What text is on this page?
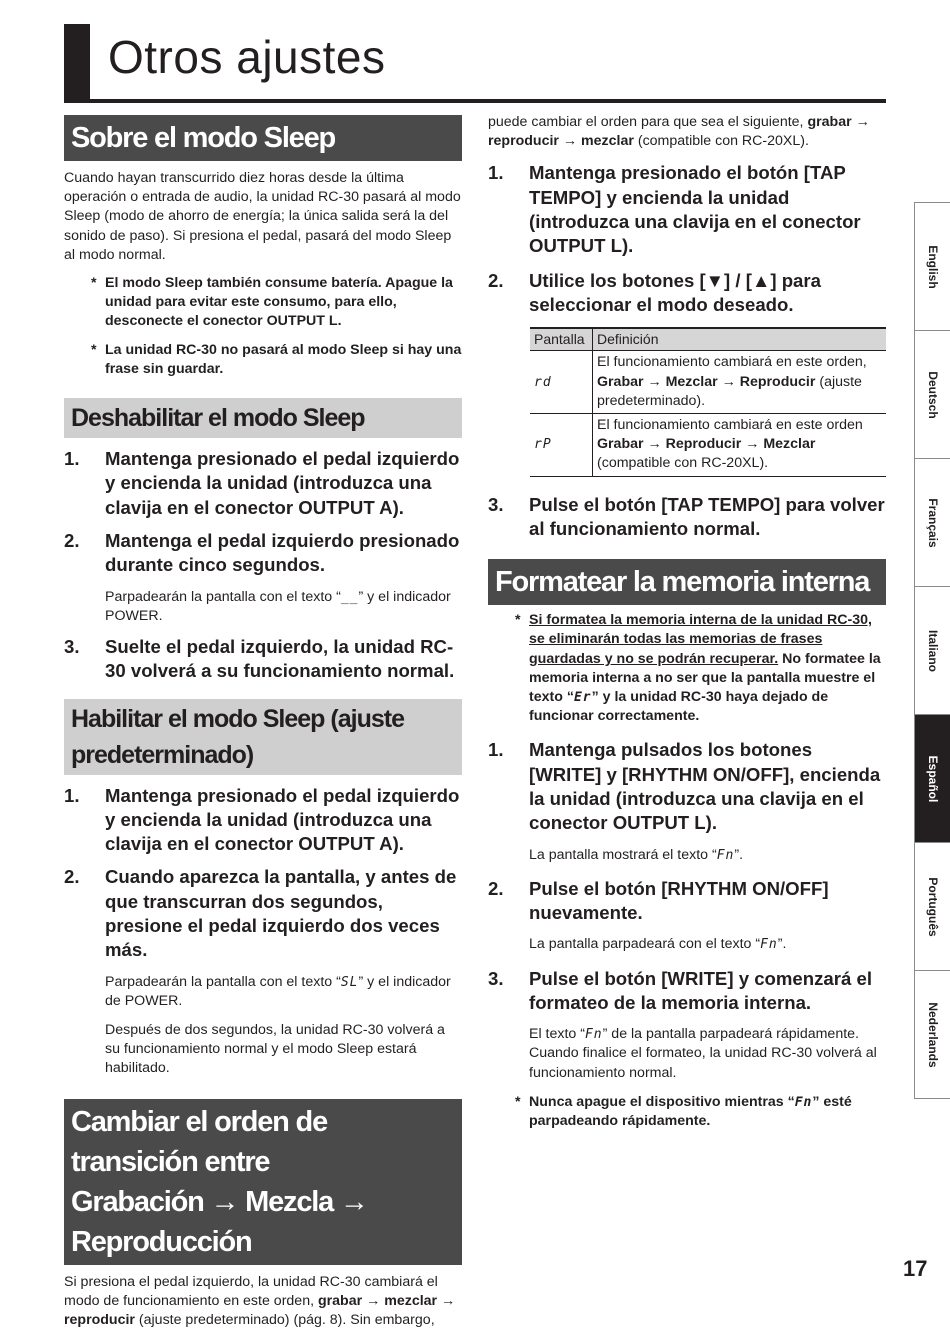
Otros ajustes
Sobre el modo Sleep

Cuando hayan transcurrido diez horas desde la última operación o entrada de audio, la unidad RC-30 pasará al modo Sleep (modo de ahorro de energía; la única salida será la del sonido de paso). Si presiona el pedal, pasará del modo Sleep al modo normal.

* El modo Sleep también consume batería. Apague la unidad para evitar este consumo, para ello, desconecte el conector OUTPUT L.

* La unidad RC-30 no pasará al modo Sleep si hay una frase sin guardar.

Deshabilitar el modo Sleep

1. Mantenga presionado el pedal izquierdo y encienda la unidad (introduzca una clavija en el conector OUTPUT A).

2. Mantenga el pedal izquierdo presionado durante cinco segundos.

Parpadearán la pantalla con el texto “__” y el indicador POWER.

3. Suelte el pedal izquierdo, la unidad RC-30 volverá a su funcionamiento normal.

Habilitar el modo Sleep (ajuste predeterminado)

1. Mantenga presionado el pedal izquierdo y encienda la unidad (introduzca una clavija en el conector OUTPUT A).

2. Cuando aparezca la pantalla, y antes de que transcurran dos segundos, presione el pedal izquierdo dos veces más.

Parpadearán la pantalla con el texto “SL” y el indicador de POWER.

Después de dos segundos, la unidad RC-30 volverá a su funcionamiento normal y el modo Sleep estará habilitado.

Cambiar el orden de transición entre
Grabación → Mezcla → Reproducción

Si presiona el pedal izquierdo, la unidad RC-30 cambiará el modo de funcionamiento en este orden, grabar → mezclar → reproducir (ajuste predeterminado) (pág. 8). Sin embargo,

puede cambiar el orden para que sea el siguiente, grabar → reproducir → mezclar (compatible con RC-20XL).

1. Mantenga presionado el botón [TAP TEMPO] y encienda la unidad (introduzca una clavija en el conector OUTPUT L).

2. Utilice los botones [▼] / [▲] para seleccionar el modo deseado.

Pantalla	Definición
rd	El funcionamiento cambiará en este orden, Grabar → Mezclar → Reproducir (ajuste predeterminado).
rP	El funcionamiento cambiará en este orden Grabar → Reproducir → Mezclar (compatible con RC-20XL).

3. Pulse el botón [TAP TEMPO] para volver al funcionamiento normal.

Formatear la memoria interna

* Si formatea la memoria interna de la unidad RC-30, se eliminarán todas las memorias de frases guardadas y no se podrán recuperar. No formatee la memoria interna a no ser que la pantalla muestre el texto “Er” y la unidad RC-30 haya dejado de funcionar correctamente.

1. Mantenga pulsados los botones [WRITE] y [RHYTHM ON/OFF], encienda la unidad (introduzca una clavija en el conector OUTPUT L).

La pantalla mostrará el texto “Fn”.

2. Pulse el botón [RHYTHM ON/OFF] nuevamente.

La pantalla parpadeará con el texto “Fn”.

3. Pulse el botón [WRITE] y comenzará el formateo de la memoria interna.

El texto “Fn” de la pantalla parpadeará rápidamente. Cuando finalice el formateo, la unidad RC-30 volverá al funcionamiento normal.

* Nunca apague el dispositivo mientras “Fn” esté parpadeando rápidamente.

English
Deutsch
Français
Italiano
Español
Português
Nederlands
17
